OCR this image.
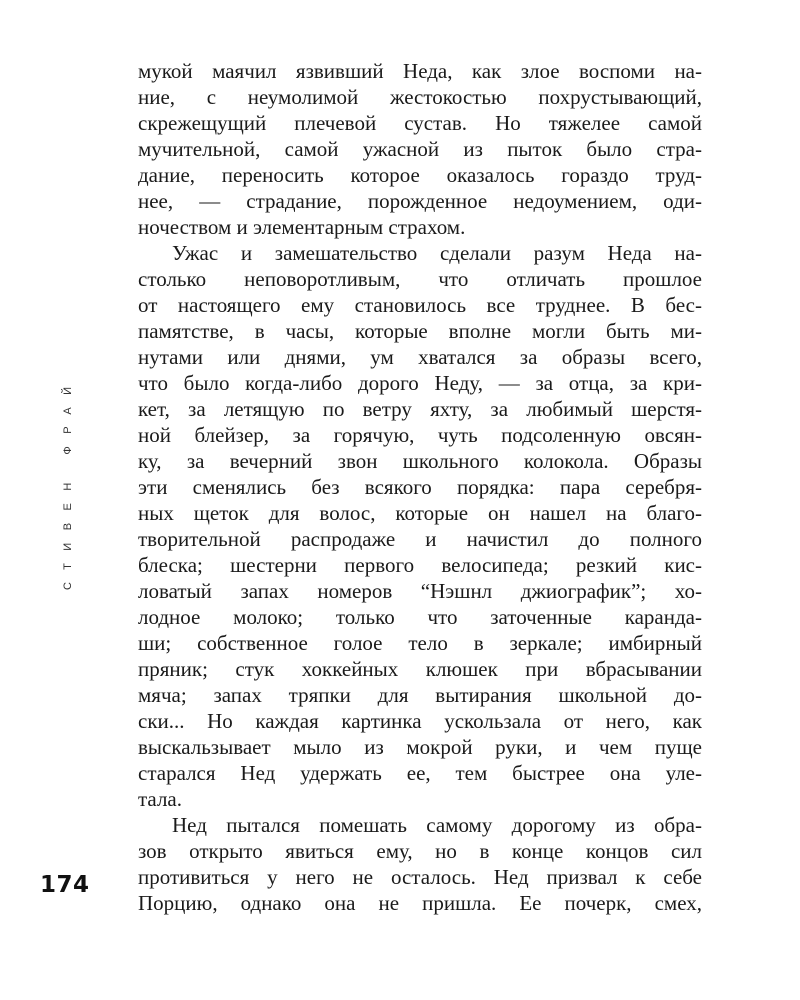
СТИВЕН ФРАЙ
мукой маячил язвивший Неда, как злое воспоми на-
ние, с неумолимой жестокостью похрустывающий,
скрежещущий плечевой сустав. Но тяжелее самой
мучительной, самой ужасной из пыток было стра-
дание, переносить которое оказалось гораздо труд-
нее, — страдание, порожденное недоумением, оди-
ночеством и элементарным страхом.
Ужас и замешательство сделали разум Неда на-
столько неповоротливым, что отличать прошлое
от настоящего ему становилось все труднее. В бес-
памятстве, в часы, которые вполне могли быть ми-
нутами или днями, ум хватался за образы всего,
что было когда-либо дорого Неду, — за отца, за кри-
кет, за летящую по ветру яхту, за любимый шерстя-
ной блейзер, за горячую, чуть подсоленную овсян-
ку, за вечерний звон школьного колокола. Образы
эти сменялись без всякого порядка: пара серебря-
ных щеток для волос, которые он нашел на благо-
творительной распродаже и начистил до полного
блеска; шестерни первого велосипеда; резкий кис-
ловатый запах номеров “Нэшнл джиографик”; хо-
лодное молоко; только что заточенные каранда-
ши; собственное голое тело в зеркале; имбирный
пряник; стук хоккейных клюшек при вбрасывании
мяча; запах тряпки для вытирания школьной до-
ски... Но каждая картинка ускользала от него, как
выскальзывает мыло из мокрой руки, и чем пуще
старался Нед удержать ее, тем быстрее она уле-
тала.
Нед пытался помешать самому дорогому из обра-
зов открыто явиться ему, но в конце концов сил
противиться у него не осталось. Нед призвал к себе
Порцию, однако она не пришла. Ее почерк, смех,
174
